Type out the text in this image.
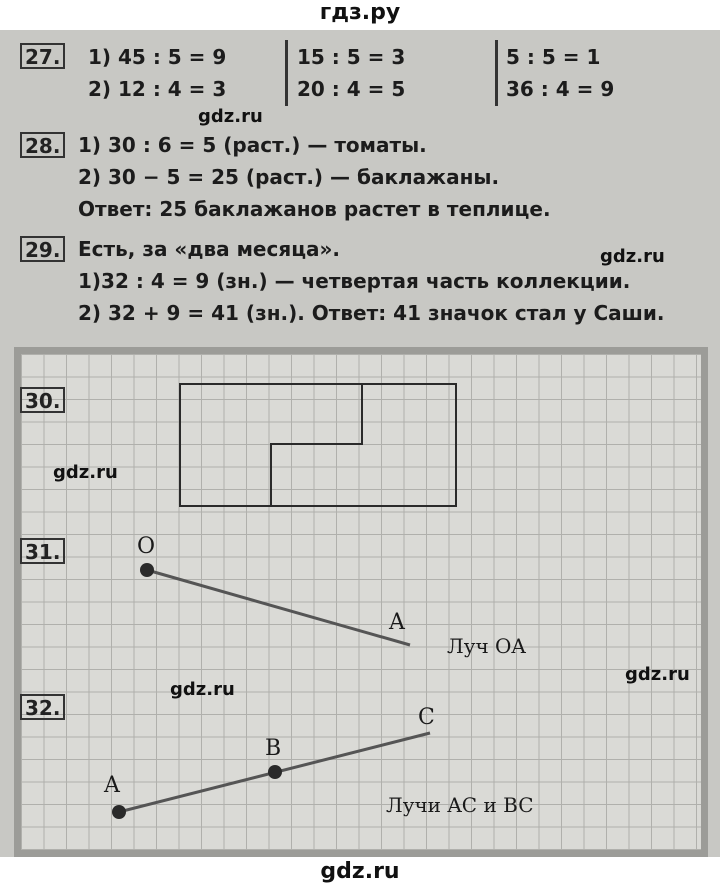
гдз.ру
27. 1) 45 : 5 = 9
2) 12 : 4 = 3
15 : 5 = 3
20 : 4 = 5
5 : 5 = 1
36 : 4 = 9
gdz.ru
28. 1) 30 : 6 = 5 (раст.) — томаты.
2) 30 − 5 = 25 (раст.) — баклажаны.
Ответ: 25 баклажанов растет в теплице.
29. Есть, за «два месяца».	gdz.ru
1)32 : 4 = 9 (зн.) — четвертая часть коллекции.
2) 32 + 9 = 41 (зн.). Ответ: 41 значок стал у Саши.
O
A
Луч OA
A
B
C
Лучи AC и BC
30.
31.
32.
gdz.ru
gdz.ru
gdz.ru
gdz.ru
